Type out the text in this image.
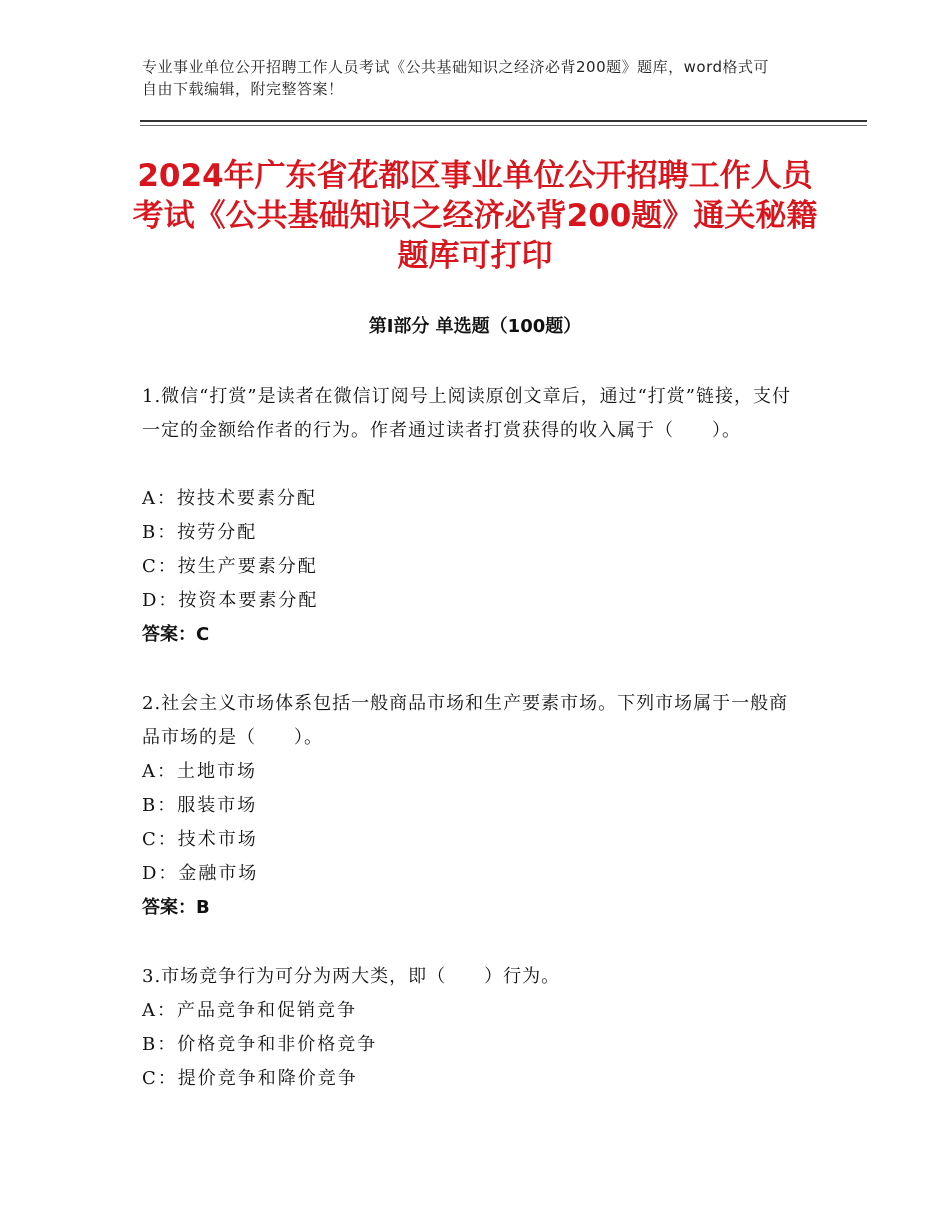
专业事业单位公开招聘工作人员考试《公共基础知识之经济必背200题》题库，word格式可自由下载编辑，附完整答案！
2024年广东省花都区事业单位公开招聘工作人员考试《公共基础知识之经济必背200题》通关秘籍题库可打印
第Ⅰ部分 单选题（100题）
1.微信“打赏”是读者在微信订阅号上阅读原创文章后，通过“打赏”链接，支付一定的金额给作者的行为。作者通过读者打赏获得的收入属于（　　）。
A：按技术要素分配
B：按劳分配
C：按生产要素分配
D：按资本要素分配
答案：C
2.社会主义市场体系包括一般商品市场和生产要素市场。下列市场属于一般商品市场的是（　　）。
A：土地市场
B：服装市场
C：技术市场
D：金融市场
答案：B
3.市场竞争行为可分为两大类，即（　　）行为。
A：产品竞争和促销竞争
B：价格竞争和非价格竞争
C：提价竞争和降价竞争
